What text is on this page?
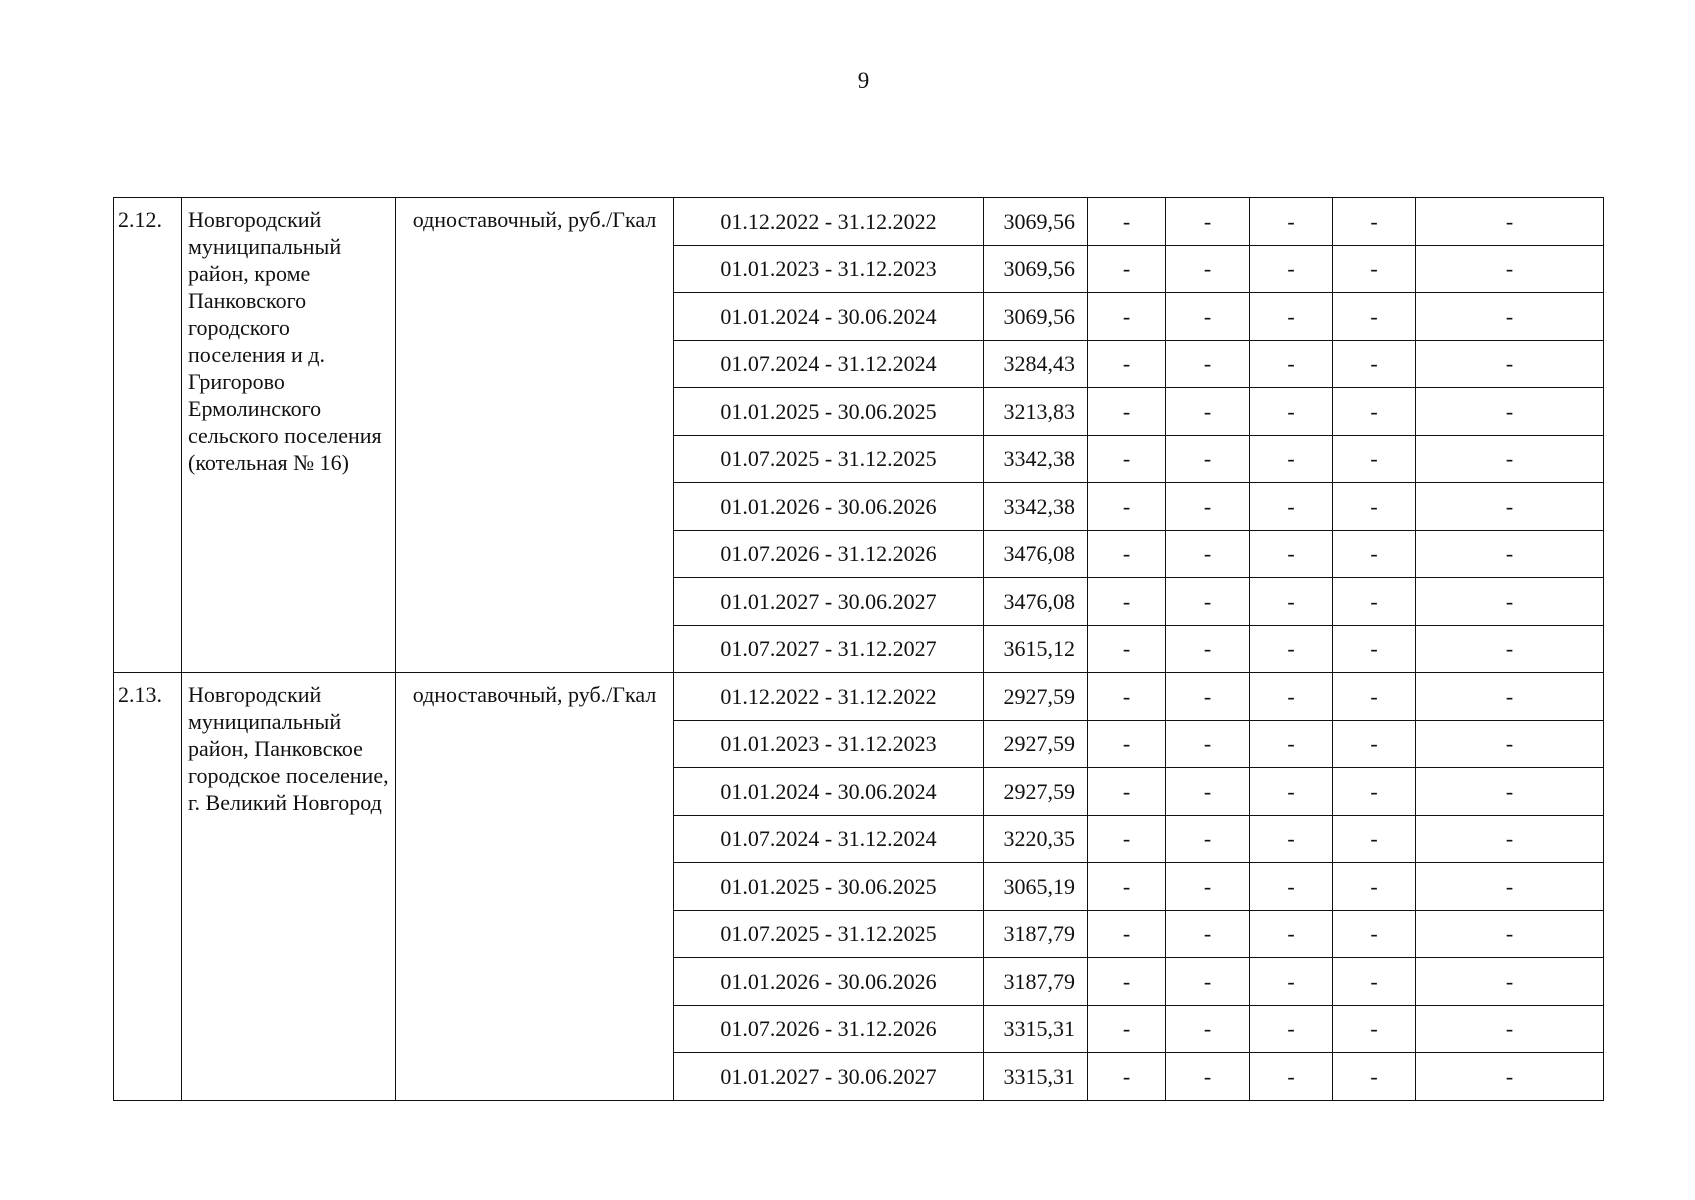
9
2.12.	Новгородский муниципальный район, кроме Панковского городского поселения и д. Григорово Ермолинского сельского поселения (котельная № 16)	одноставочный, руб./Гкал	01.12.2022 - 31.12.2022	3069,56	-	-	-	-	-
			01.01.2023 - 31.12.2023	3069,56	-	-	-	-	-
			01.01.2024 - 30.06.2024	3069,56	-	-	-	-	-
			01.07.2024 - 31.12.2024	3284,43	-	-	-	-	-
			01.01.2025 - 30.06.2025	3213,83	-	-	-	-	-
			01.07.2025 - 31.12.2025	3342,38	-	-	-	-	-
			01.01.2026 - 30.06.2026	3342,38	-	-	-	-	-
			01.07.2026 - 31.12.2026	3476,08	-	-	-	-	-
			01.01.2027 - 30.06.2027	3476,08	-	-	-	-	-
			01.07.2027 - 31.12.2027	3615,12	-	-	-	-	-
2.13.	Новгородский муниципальный район, Панковское городское поселение, г. Великий Новгород	одноставочный, руб./Гкал	01.12.2022 - 31.12.2022	2927,59	-	-	-	-	-
			01.01.2023 - 31.12.2023	2927,59	-	-	-	-	-
			01.01.2024 - 30.06.2024	2927,59	-	-	-	-	-
			01.07.2024 - 31.12.2024	3220,35	-	-	-	-	-
			01.01.2025 - 30.06.2025	3065,19	-	-	-	-	-
			01.07.2025 - 31.12.2025	3187,79	-	-	-	-	-
			01.01.2026 - 30.06.2026	3187,79	-	-	-	-	-
			01.07.2026 - 31.12.2026	3315,31	-	-	-	-	-
			01.01.2027 - 30.06.2027	3315,31	-	-	-	-	-
